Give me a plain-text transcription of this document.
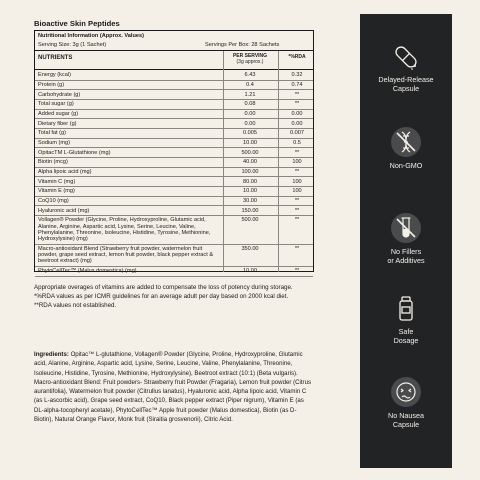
Bioactive Skin Peptides
Nutritional Information (Approx. Values)
Serving Size: 3g (1 Sachet)	Servings Per Box: 28 Sachets
NUTRIENTS	PER SERVING
(3g approx.)
*%RDA
Energy (kcal)	6.43	0.32
Protein (g)	0.4	0.74
Carbohydrate (g)	1.21	**
Total sugar (g)	0.08	**
Added sugar (g)	0.00	0.00
Dietary fiber (g)	0.00	0.00
Total fat (g)	0.005	0.007
Sodium (mg)	10.00	0.5
OpitacTM L-Glutathione (mg)	500.00	**
Biotin (mcg)	40.00	100
Alpha lipoic acid (mg)	100.00	**
Vitamin C (mg)	80.00	100
Vitamin E (mg)	10.00	100
CoQ10 (mg)	30.00	**
Hyaluronic acid (mg)	150.00	**
Vollagen® Powder (Glycine, Proline, Hydroxyproline, Glutamic acid, Alanine, Arginine, Aspartic acid, Lysine, Serine, Leucine, Valine, Phenylalanine, Threonine, Isoleucine, Histidine, Tyrosine, Methionine, Hydroxylysine) (mg)
500.00	**
Macro-antioxidant Blend (Strawberry fruit powder, watermelon fruit powder, grape seed extract, lemon fruit powder, black pepper extract & beetroot extract) (mg)
350.00	**
PhytoCellTec™ (Malus domestica) (mg)	10.00	**

Appropriate overages of vitamins are added to compensate the loss of potency during storage.

*%RDA values as per ICMR guidelines for an average adult per day based on 2000 kcal diet.

**RDA values not established.

Ingredients: Opitac™ L-glutathione, Vollagen® Powder (Glycine, Proline, Hydroxyproline, Glutamic acid, Alanine, Arginine, Aspartic acid, Lysine, Serine, Leucine, Valine, Phenylalanine, Threonine, Isoleucine, Histidine, Tyrosine, Methionine, Hydroxylysine), Beetroot extract (10:1) (Beta vulgaris). Macro-antioxidant Blend: Fruit powders- Strawberry fruit Powder (Fragaria), Lemon fruit powder (Citrus aurantifolia), Watermelon fruit powder (Citrullus lanatus), Hyaluronic acid, Alpha lipoic acid, Vitamin C (as L-ascorbic acid), Grape seed extract, CoQ10, Black pepper extract (Piper nigrum), Vitamin E (as DL-alpha-tocopheryl acetate), PhytoCellTec™ Apple fruit powder (Malus domestica), Biotin (as D-Biotin), Natural Orange Flavor, Monk fruit (Siraitia grosvenorii), Citric Acid.
Delayed-Release
Capsule
Non-GMO
No Fillers
or Additives
Safe
Dosage
No Nausea
Capsule
